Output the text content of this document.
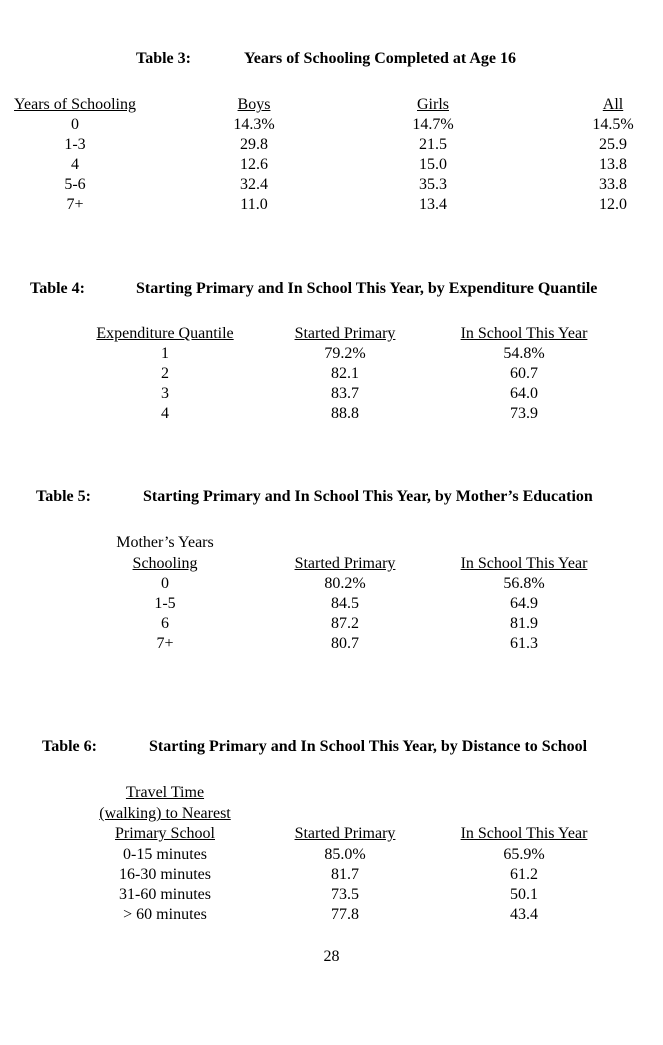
Table 3:	Years of Schooling Completed at Age 16
Years of Schooling	Boys	Girls	All
0	14.3%	14.7%	14.5%
1-3	29.8	21.5	25.9
4	12.6	15.0	13.8
5-6	32.4	35.3	33.8
7+	11.0	13.4	12.0
Table 4:	Starting Primary and In School This Year, by Expenditure Quantile
Expenditure Quantile	Started Primary	In School This Year
1	79.2%	54.8%
2	82.1	60.7
3	83.7	64.0
4	88.8	73.9
Table 5:	Starting Primary and In School This Year, by Mother’s Education
Mother’s Years
Schooling	Started Primary	In School This Year
0	80.2%	56.8%
1-5	84.5	64.9
6	87.2	81.9
7+	80.7	61.3
Table 6:	Starting Primary and In School This Year, by Distance to School
Travel Time
(walking) to Nearest
Primary School	Started Primary	In School This Year
0-15 minutes	85.0%	65.9%
16-30 minutes	81.7	61.2
31-60 minutes	73.5	50.1
> 60 minutes	77.8	43.4
28
